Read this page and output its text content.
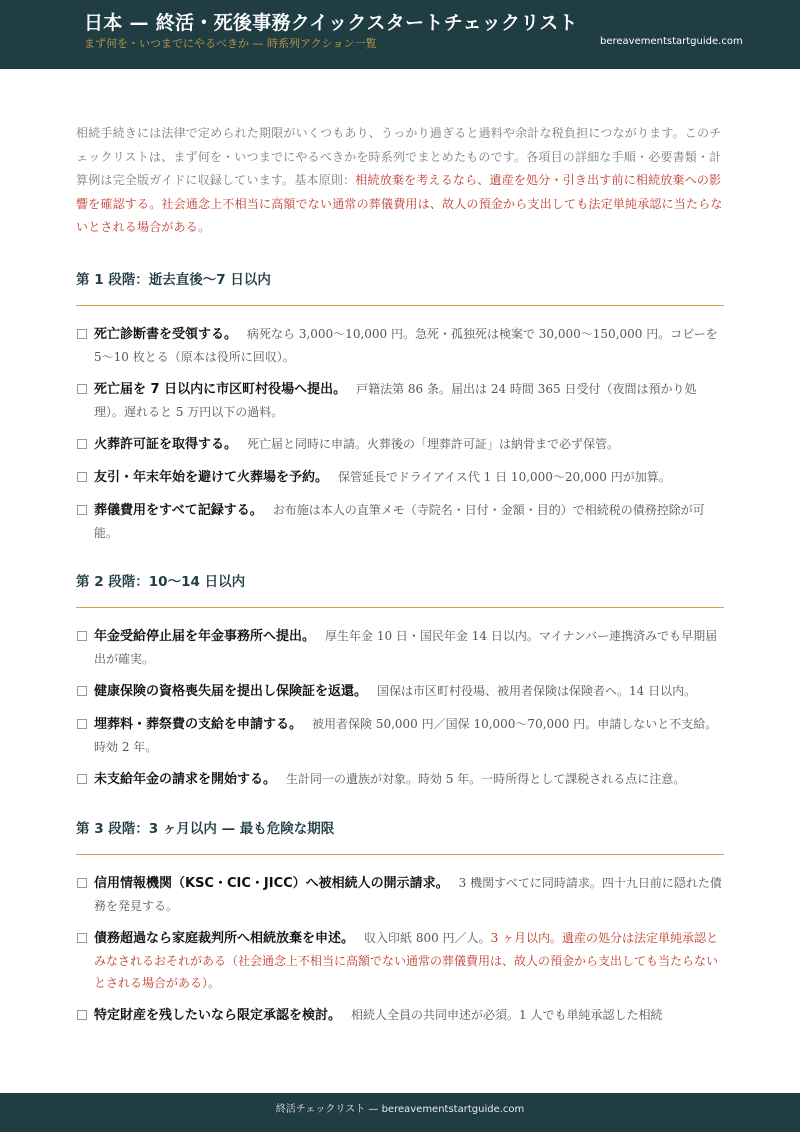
日本 — 終活・死後事務クイックスタートチェックリスト
まず何を・いつまでにやるべきか — 時系列アクション一覧	bereavementstartguide.com

相続手続きには法律で定められた期限がいくつもあり、うっかり過ぎると過料や余計な税負担につながります。このチェックリストは、まず何を・いつまでにやるべきかを時系列でまとめたものです。各項目の詳細な手順・必要書類・計算例は完全版ガイドに収録しています。基本原則：相続放棄を考えるなら、遺産を処分・引き出す前に相続放棄への影響を確認する。社会通念上不相当に高額でない通常の葬儀費用は、故人の預金から支出しても法定単純承認に当たらないとされる場合がある。

第 1 段階：逝去直後〜7 日以内
死亡診断書を受領する。 病死なら 3,000〜10,000 円。急死・孤独死は検案で 30,000〜150,000 円。コピーを 5〜10 枚とる（原本は役所に回収）。
死亡届を 7 日以内に市区町村役場へ提出。 戸籍法第 86 条。届出は 24 時間 365 日受付（夜間は預かり処理）。遅れると 5 万円以下の過料。
火葬許可証を取得する。 死亡届と同時に申請。火葬後の「埋葬許可証」は納骨まで必ず保管。
友引・年末年始を避けて火葬場を予約。 保管延長でドライアイス代 1 日 10,000〜20,000 円が加算。
葬儀費用をすべて記録する。 お布施は本人の直筆メモ（寺院名・日付・金額・目的）で相続税の債務控除が可能。
第 2 段階：10〜14 日以内
年金受給停止届を年金事務所へ提出。 厚生年金 10 日・国民年金 14 日以内。マイナンバー連携済みでも早期届出が確実。
健康保険の資格喪失届を提出し保険証を返還。 国保は市区町村役場、被用者保険は保険者へ。14 日以内。
埋葬料・葬祭費の支給を申請する。 被用者保険 50,000 円／国保 10,000〜70,000 円。申請しないと不支給。時効 2 年。
未支給年金の請求を開始する。 生計同一の遺族が対象。時効 5 年。一時所得として課税される点に注意。
第 3 段階：3 ヶ月以内 — 最も危険な期限
信用情報機関（KSC・CIC・JICC）へ被相続人の開示請求。 3 機関すべてに同時請求。四十九日前に隠れた債務を発見する。
債務超過なら家庭裁判所へ相続放棄を申述。 収入印紙 800 円／人。3 ヶ月以内。遺産の処分は法定単純承認とみなされるおそれがある（社会通念上不相当に高額でない通常の葬儀費用は、故人の預金から支出しても当たらないとされる場合がある）。
特定財産を残したいなら限定承認を検討。 相続人全員の共同申述が必須。1 人でも単純承認した相続
終活チェックリスト — bereavementstartguide.com
